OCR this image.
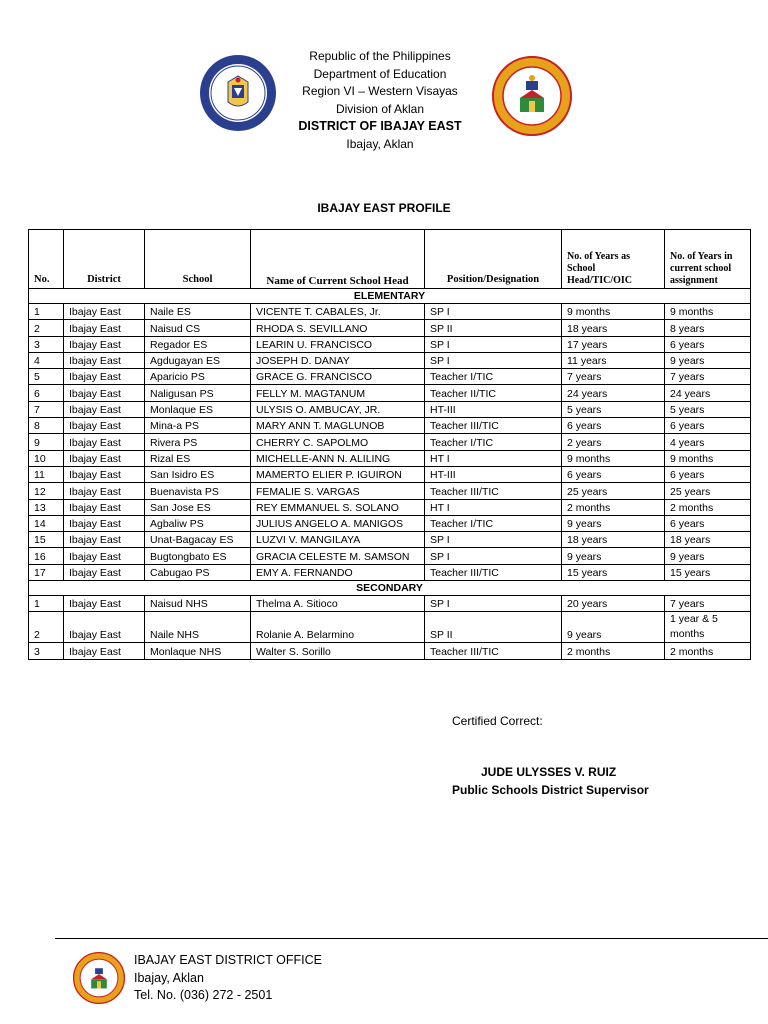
Republic of the Philippines
Department of Education
Region VI – Western Visayas
Division of Aklan
DISTRICT OF IBAJAY EAST
Ibajay, Aklan
IBAJAY EAST PROFILE
No.	District	School	Name of Current School Head	Position/Designation	No. of Years as School Head/TIC/OIC	No. of Years in current school assignment
ELEMENTARY						
1	Ibajay East	Naile ES	VICENTE T. CABALES, Jr.	SP I	9 months	9 months
2	Ibajay East	Naisud CS	RHODA S. SEVILLANO	SP II	18 years	8 years
3	Ibajay East	Regador ES	LEARIN U. FRANCISCO	SP I	17 years	6 years
4	Ibajay East	Agdugayan ES	JOSEPH D. DANAY	SP I	11 years	9 years
5	Ibajay East	Aparicio PS	GRACE G. FRANCISCO	Teacher I/TIC	7 years	7 years
6	Ibajay East	Naligusan PS	FELLY M. MAGTANUM	Teacher II/TIC	24 years	24 years
7	Ibajay East	Monlaque ES	ULYSIS O. AMBUCAY, JR.	HT-III	5 years	5 years
8	Ibajay East	Mina-a PS	MARY ANN T. MAGLUNOB	Teacher III/TIC	6 years	6 years
9	Ibajay East	Rivera PS	CHERRY C. SAPOLMO	Teacher I/TIC	2 years	4 years
10	Ibajay East	Rizal ES	MICHELLE-ANN N. ALILING	HT I	9 months	9 months
11	Ibajay East	San Isidro ES	MAMERTO ELIER P. IGUIRON	HT-III	6 years	6 years
12	Ibajay East	Buenavista PS	FEMALIE S. VARGAS	Teacher III/TIC	25 years	25 years
13	Ibajay East	San Jose ES	REY EMMANUEL S. SOLANO	HT I	2 months	2 months
14	Ibajay East	Agbaliw PS	JULIUS ANGELO A. MANIGOS	Teacher I/TIC	9 years	6 years
15	Ibajay East	Unat-Bagacay ES	LUZVI V. MANGILAYA	SP I	18 years	18 years
16	Ibajay East	Bugtongbato ES	GRACIA CELESTE M. SAMSON	SP I	9 years	9 years
17	Ibajay East	Cabugao PS	EMY A. FERNANDO	Teacher III/TIC	15 years	15 years
SECONDARY						
1	Ibajay East	Naisud NHS	Thelma A. Sitioco	SP I	20 years	7 years
2	Ibajay East	Naile NHS	Rolanie A. Belarmino	SP II	9 years	1 year & 5 months
3	Ibajay East	Monlaque NHS	Walter S. Sorillo	Teacher III/TIC	2 months	2 months
Certified Correct:
JUDE ULYSSES V. RUIZ
Public Schools District Supervisor
IBAJAY EAST DISTRICT OFFICE
Ibajay, Aklan
Tel. No. (036) 272 - 2501
